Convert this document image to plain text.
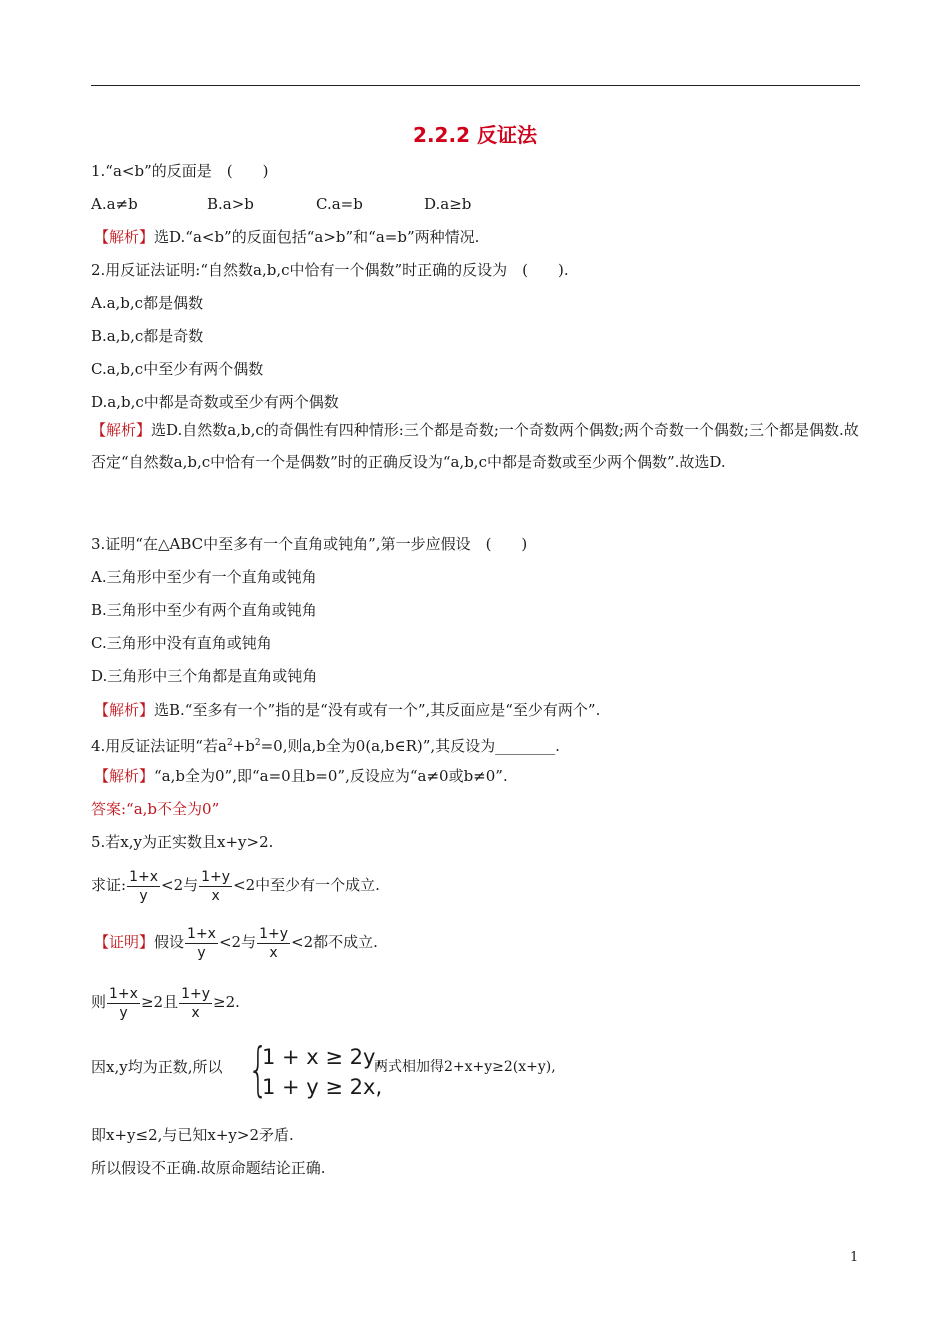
2.2.2 反证法
1.“a<b”的反面是　(　　)
A.a≠b	B.a>b	C.a=b	D.a≥b
【解析】选D.“a<b”的反面包括“a>b”和“a=b”两种情况.
2.用反证法证明:“自然数a,b,c中恰有一个偶数”时正确的反设为　(　　).
A.a,b,c都是偶数
B.a,b,c都是奇数
C.a,b,c中至少有两个偶数
D.a,b,c中都是奇数或至少有两个偶数
【解析】选D.自然数a,b,c的奇偶性有四种情形:三个都是奇数;一个奇数两个偶数;两个奇数一个偶数;三个都是偶数.故否定“自然数a,b,c中恰有一个是偶数”时的正确反设为“a,b,c中都是奇数或至少两个偶数”.故选D.
3.证明“在△ABC中至多有一个直角或钝角”,第一步应假设　(　　)
A.三角形中至少有一个直角或钝角
B.三角形中至少有两个直角或钝角
C.三角形中没有直角或钝角
D.三角形中三个角都是直角或钝角
【解析】选B.“至多有一个”指的是“没有或有一个”,其反面应是“至少有两个”.
4.用反证法证明“若$a^2+b^2=0$,则a,b全为0(a,b∈R)”,其反设为________.
【解析】“a,b全为0”,即“a=0且b=0”,反设应为“a≠0或b≠0”.
答案:“a,b不全为0”
5.若x,y为正实数且x+y>2.
求证: $\frac{1+x}{y} <2$与 $\frac{1+y}{x} <2$中至少有一个成立.
【证明】假设 $\frac{1+x}{y} <2$与 $\frac{1+y}{x} <2$都不成立.
则 $\frac{1+x}{y} \ge 2$且 $\frac{1+y}{x} \ge 2$.
因x,y均为正数,所以 {
1 + x ≥ 2y,
1 + y ≥ 2x,
两式相加得2+x+y≥2(x+y),
即x+y≤2,与已知x+y>2矛盾.
所以假设不正确.故原命题结论正确.
1
